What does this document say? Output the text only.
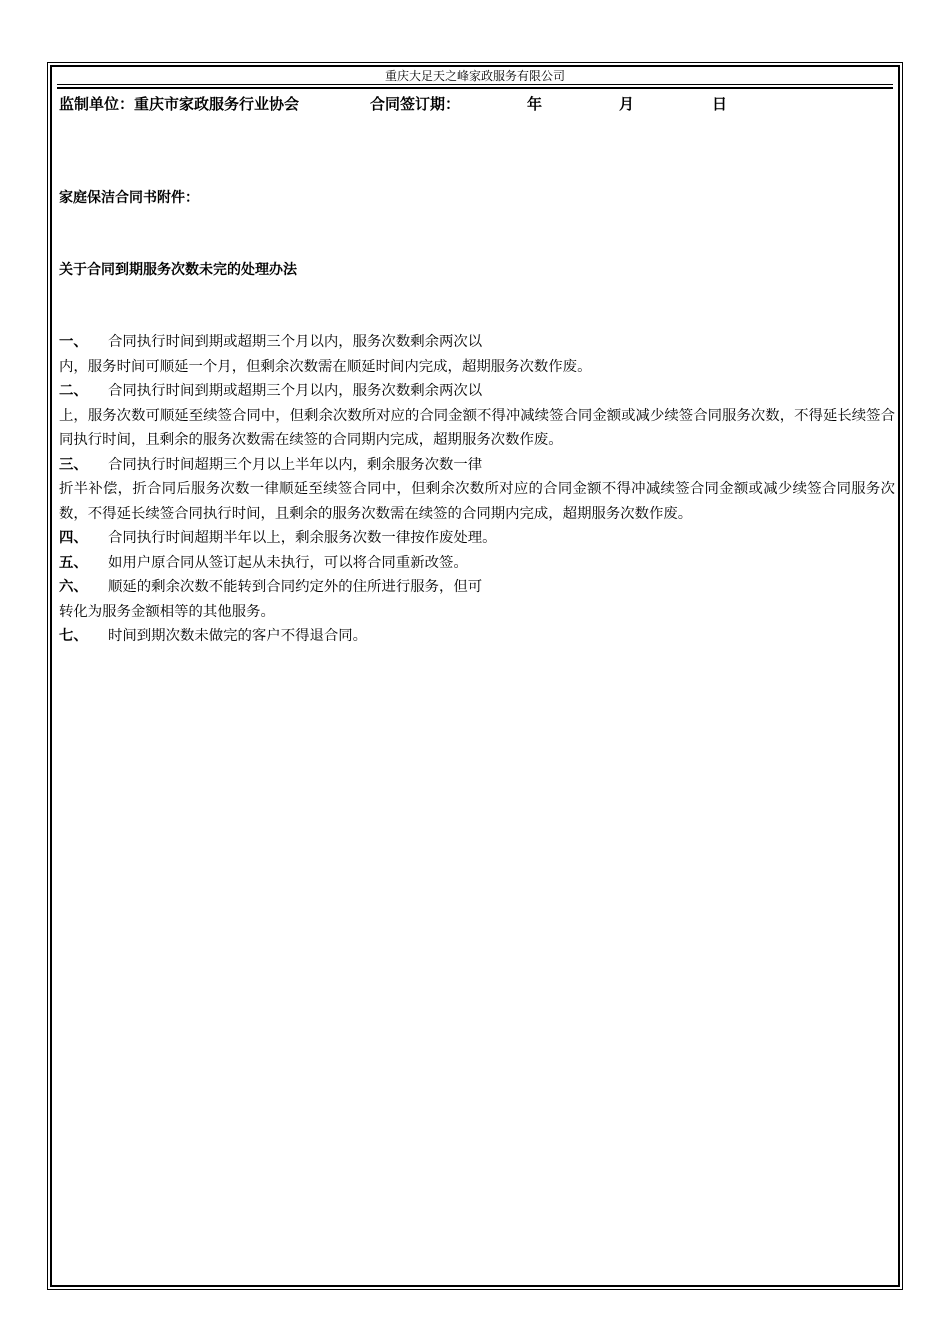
重庆大足天之峰家政服务有限公司
监制单位：重庆市家政服务行业协会	合同签订期：	年	月	日
家庭保洁合同书附件：
关于合同到期服务次数未完的处理办法
一、 合同执行时间到期或超期三个月以内，服务次数剩余两次以
内，服务时间可顺延一个月，但剩余次数需在顺延时间内完成，超期服务次数作废。
二、 合同执行时间到期或超期三个月以内，服务次数剩余两次以
上，服务次数可顺延至续签合同中，但剩余次数所对应的合同金额不得冲减续签合同金额或减少续签合同服务次数，不得延长续签合同执行时间，且剩余的服务次数需在续签的合同期内完成，超期服务次数作废。
三、 合同执行时间超期三个月以上半年以内，剩余服务次数一律
折半补偿，折合同后服务次数一律顺延至续签合同中，但剩余次数所对应的合同金额不得冲减续签合同金额或减少续签合同服务次数，不得延长续签合同执行时间，且剩余的服务次数需在续签的合同期内完成，超期服务次数作废。
四、 合同执行时间超期半年以上，剩余服务次数一律按作废处理。
五、 如用户原合同从签订起从未执行，可以将合同重新改签。
六、 顺延的剩余次数不能转到合同约定外的住所进行服务，但可
转化为服务金额相等的其他服务。
七、 时间到期次数未做完的客户不得退合同。
